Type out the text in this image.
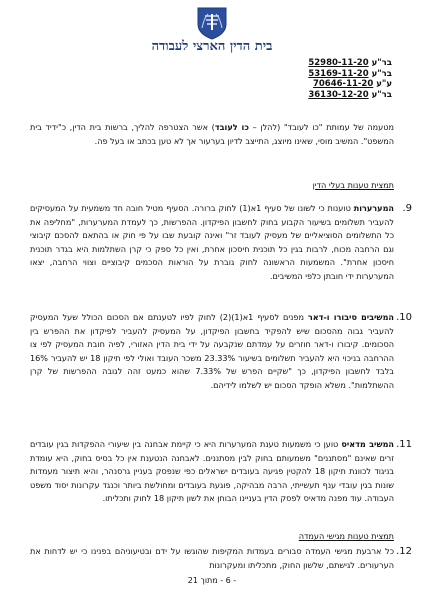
בית הדין הארצי לעבודה
בר"ע 52980-11-20
בר"ע 53169-11-20
ע"ע 70646-11-20
בר"ע 36130-12-20
מטעמה של עמותת "כו לעובד" (להלן – כו לעובד) אשר הצטרפה להליך, ברשות בית הדין, כ"ידיד בית המשפט". המשיב מוסי, שאינו מיוצג, התייצב לדיון בערעור אך לא טען בכתב או בעל פה.
תמצית טענות בעלי הדין
9.
המערערות טוענות כי לשונו של סעיף 1א(1) לחוק ברורה. הסעיף מטיל חובה חד משמעית על המעסיקים להעביר תשלומים בשיעור הקבוע בחוק לחשבון הפיקדון. ההפרשות, כך לעמדת המערערות, "מחליפה את כל התשלומים הסוציאליים של מעסיק לעובד זר" ואינה קובעת שבו על פי חוק או בהתאם להסכם קיבוצי וגם הרחבה מכוח, לרבות בגין כל תוכנית חיסכון אחרת, ואין כל ספק כי קרן השתלמות היא בגדר תוכנית חיסכון אחרת". המשמעות הראשונה לחוק גוברת על הוראות הסכמים קיבוציים וצווי הרחבה, יצאו המערערות ידי חובתן כלפי המשיבים.
10.
המשיבים סיבורו ו-דאר מפנים לסעיף 1א(1)(2) לחוק לפיו לטענתם אם הסכום הכולל שעל המעסיק להעביר גבוה מהסכום שיש להפקיד בחשבון הפיקדון, על המעסיק להעביר לפיקדון את ההפרש בין הסכומים. קיבורו ו-דאר חוזרים על עמדתם שנקבעה על ידי בית הדין האזורי, לפיה חובת המעסיק לפי צו ההרחבה בניכוי היא להעביר תשלומים בשיעור 23.33% משכר העובד ואולי לפי תיקון 18 יש להעביר 16% בלבד לחשבון הפיקדון, כך "שקיים הפרש של 7.33% שהוא כמעט זהה לגובה ההפרשות של קרן ההשתלמות". משלא הופקד הסכום יש לשלמו לידיהם.
11.
המשיב מדאיס טוען כי משמעות טענת המערערות היא כי קיימת אבחנה בין שיעורי ההפקדות בגין עובדים זרים שאינם "מסתננים" משמעותם בחוק לבין מסתננים. לאבחנה הנטענת אין כל בסיס בחוק, היא עומדת בניגוד לכוונת תיקון 18 להקטין פגיעה בעובדים ישראלים כפי שנפסק בעניין גרסנהר, והיא תיצור מעמדות שונות בגין עובדי ענף תעשייתי, הרבה מבהיקה, פוגעת בעובדים ומחולשת ביותר וכנגד עקרונות יסוד משפט העבודה. עוד מפנה מדאיס לפסק הדין בעניינו הבוחן את לשון תיקון 18 לחוק ותכליתו.
תמצית טענות מגישי העמדה
12.
כל ארבעת מגישי העמדה סבורים בעמדות המקיפות שהוגשו על ידם ובטיעוניהם בפנינו כי יש לדחות את הערעורים. לגישתם, שלשון החוק, מתכליתו ומעקרונות
- 6 - מתוך 21
